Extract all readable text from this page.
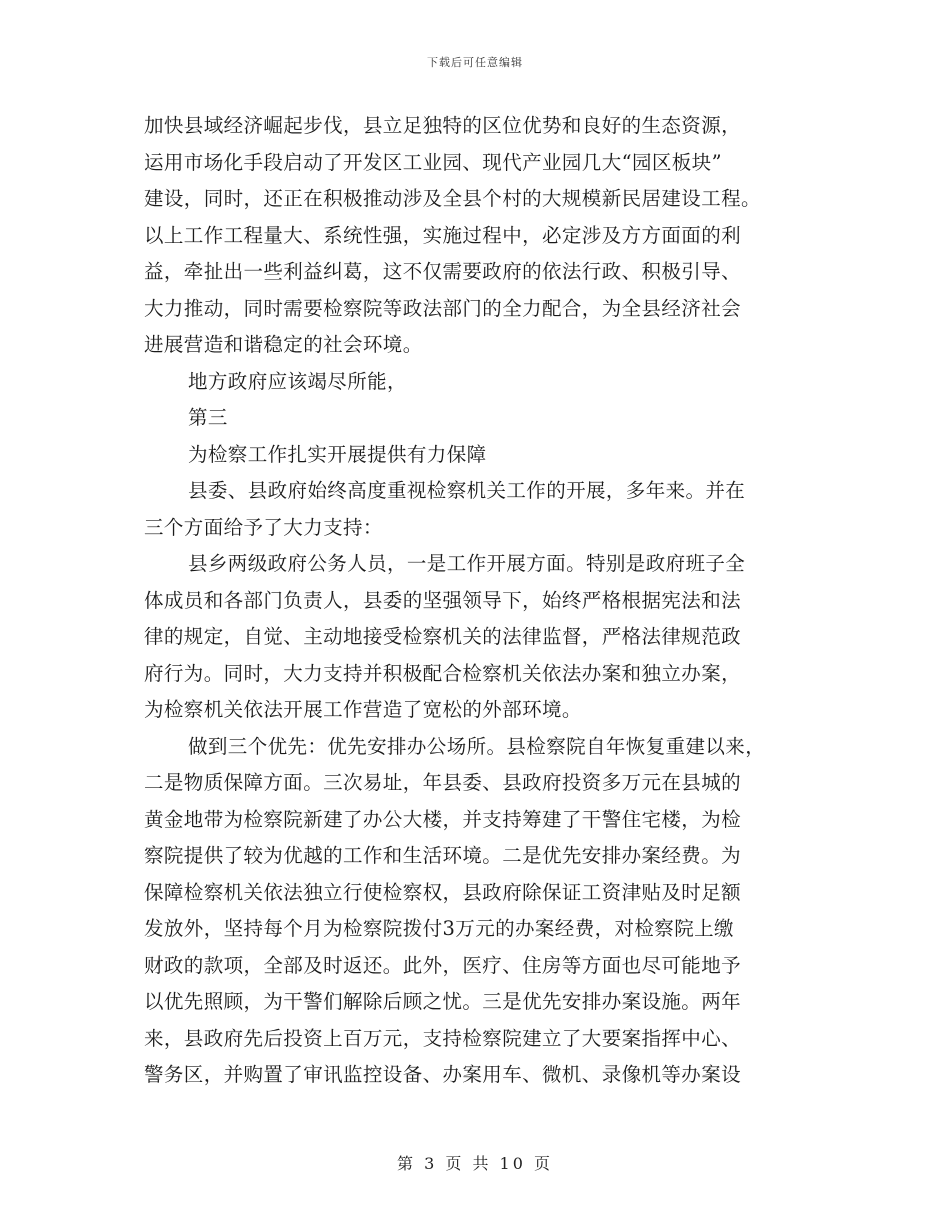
下载后可任意编辑
加快县域经济崛起步伐，县立足独特的区位优势和良好的生态资源，
运用市场化手段启动了开发区工业园、现代产业园几大“园区板块”
建设，同时，还正在积极推动涉及全县个村的大规模新民居建设工程。
以上工作工程量大、系统性强，实施过程中，必定涉及方方面面的利
益，牵扯出一些利益纠葛，这不仅需要政府的依法行政、积极引导、
大力推动，同时需要检察院等政法部门的全力配合，为全县经济社会
进展营造和谐稳定的社会环境。
地方政府应该竭尽所能，
第三
为检察工作扎实开展提供有力保障
县委、县政府始终高度重视检察机关工作的开展，多年来。并在
三个方面给予了大力支持：
县乡两级政府公务人员，一是工作开展方面。特别是政府班子全
体成员和各部门负责人，县委的坚强领导下，始终严格根据宪法和法
律的规定，自觉、主动地接受检察机关的法律监督，严格法律规范政
府行为。同时，大力支持并积极配合检察机关依法办案和独立办案，
为检察机关依法开展工作营造了宽松的外部环境。
做到三个优先：优先安排办公场所。县检察院自年恢复重建以来，
二是物质保障方面。三次易址，年县委、县政府投资多万元在县城的
黄金地带为检察院新建了办公大楼，并支持筹建了干警住宅楼，为检
察院提供了较为优越的工作和生活环境。二是优先安排办案经费。为
保障检察机关依法独立行使检察权，县政府除保证工资津贴及时足额
发放外，坚持每个月为检察院拨付3万元的办案经费，对检察院上缴
财政的款项，全部及时返还。此外，医疗、住房等方面也尽可能地予
以优先照顾，为干警们解除后顾之忧。三是优先安排办案设施。两年
来，县政府先后投资上百万元，支持检察院建立了大要案指挥中心、
警务区，并购置了审讯监控设备、办案用车、微机、录像机等办案设
第 3 页 共 10 页
